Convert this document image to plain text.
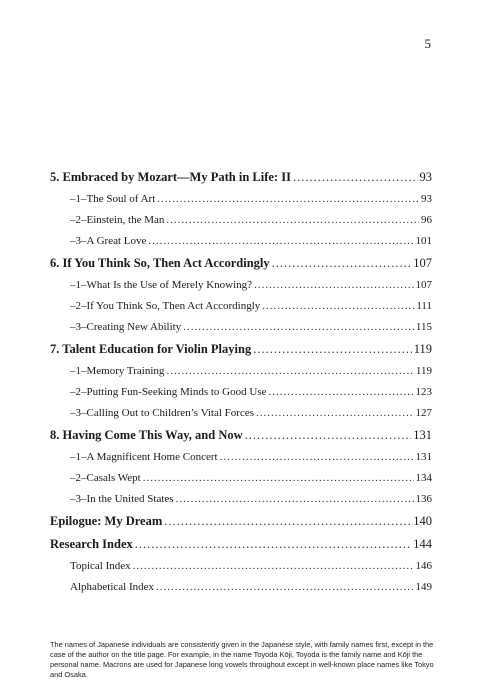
5
5. Embraced by Mozart—My Path in Life: II .....	93
–1– The Soul of Art .....	93
–2– Einstein, the Man .....	96
–3– A Great Love .....	101
6. If You Think So, Then Act Accordingly .....	107
–1– What Is the Use of Merely Knowing? .....	107
–2– If You Think So, Then Act Accordingly .....	111
–3– Creating New Ability .....	115
7. Talent Education for Violin Playing .....	119
–1– Memory Training .....	119
–2– Putting Fun-Seeking Minds to Good Use .....	123
–3– Calling Out to Children’s Vital Forces .....	127
8. Having Come This Way, and Now .....	131
–1– A Magnificent Home Concert .....	131
–2– Casals Wept .....	134
–3– In the United States .....	136
Epilogue: My Dream .....	140
Research Index .....	144
Topical Index .....	146
Alphabetical Index .....	149
The names of Japanese individuals are consistently given in the Japanese style, with family names first, except in the case of the author on the title page. For example, in the name Toyoda Kōji, Toyoda is the family name and Kōji the personal name. Macrons are used for Japanese long vowels throughout except in well-known place names like Tokyo and Osaka.
